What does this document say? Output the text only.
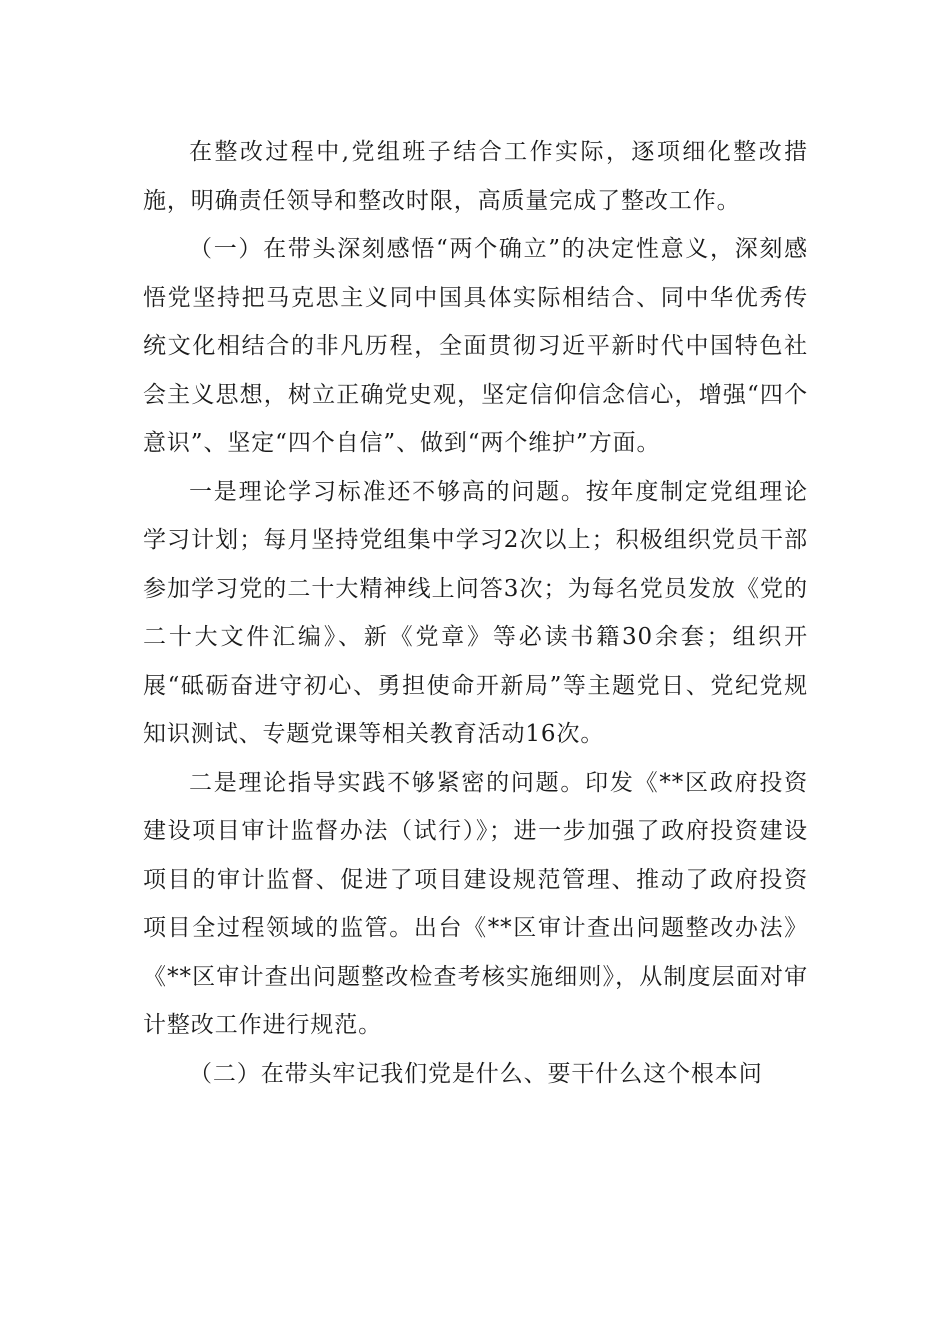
在整改过程中,党组班子结合工作实际，逐项细化整改措施，明确责任领导和整改时限，高质量完成了整改工作。

（一）在带头深刻感悟“两个确立”的决定性意义，深刻感悟党坚持把马克思主义同中国具体实际相结合、同中华优秀传统文化相结合的非凡历程，全面贯彻习近平新时代中国特色社会主义思想，树立正确党史观，坚定信仰信念信心，增强“四个意识”、坚定“四个自信”、做到“两个维护”方面。

一是理论学习标准还不够高的问题。按年度制定党组理论学习计划；每月坚持党组集中学习2次以上；积极组织党员干部参加学习党的二十大精神线上问答3次；为每名党员发放《党的二十大文件汇编》、新《党章》等必读书籍30余套；组织开展“砥砺奋进守初心、勇担使命开新局”等主题党日、党纪党规知识测试、专题党课等相关教育活动16次。

二是理论指导实践不够紧密的问题。印发《**区政府投资建设项目审计监督办法（试行）》；进一步加强了政府投资建设项目的审计监督、促进了项目建设规范管理、推动了政府投资项目全过程领域的监管。出台《**区审计查出问题整改办法》《**区审计查出问题整改检查考核实施细则》，从制度层面对审计整改工作进行规范。

（二）在带头牢记我们党是什么、要干什么这个根本问
